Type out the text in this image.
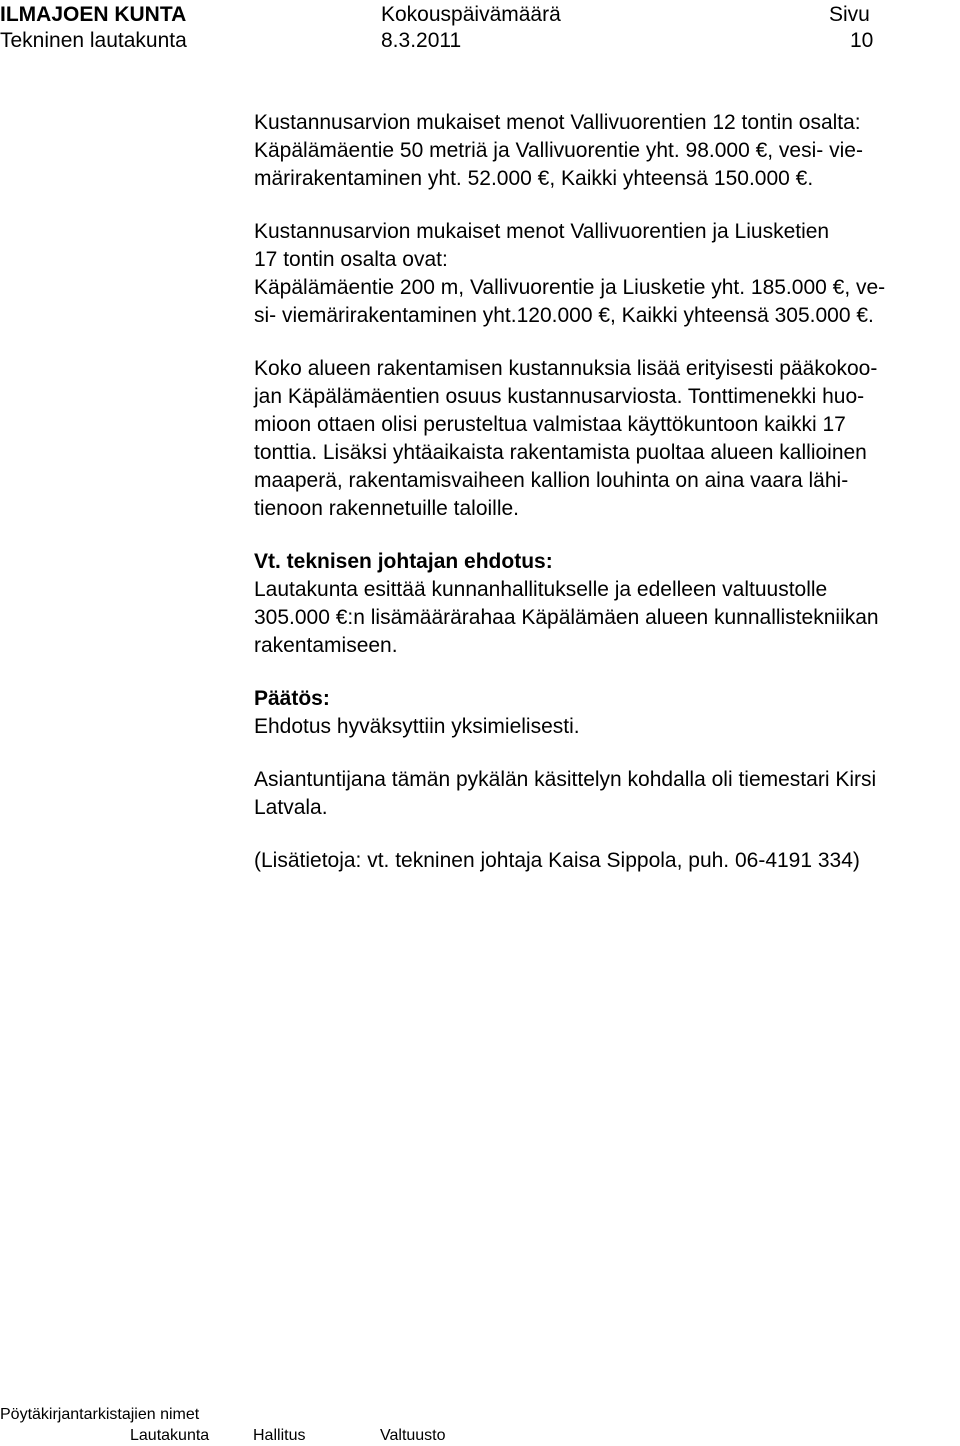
ILMAJOEN KUNTA
Tekninen lautakunta
Kokouspäivämäärä
8.3.2011
Sivu
10
Kustannusarvion mukaiset menot Vallivuorentien 12 tontin osalta:
Käpälämäentie 50 metriä ja Vallivuorentie yht. 98.000 €, vesi- vie-
märirakentaminen yht. 52.000 €, Kaikki yhteensä 150.000 €.
Kustannusarvion mukaiset menot Vallivuorentien ja Liusketien
17 tontin osalta ovat:
Käpälämäentie 200 m, Vallivuorentie ja Liusketie yht. 185.000 €, ve-
si- viemärirakentaminen yht.120.000 €, Kaikki yhteensä 305.000 €.
Koko alueen rakentamisen kustannuksia lisää erityisesti pääkokoo-
jan Käpälämäentien osuus kustannusarviosta. Tonttimenekki huo-
mioon ottaen olisi perusteltua valmistaa käyttökuntoon kaikki 17
tonttia. Lisäksi yhtäaikaista rakentamista puoltaa alueen kallioinen
maaperä, rakentamisvaiheen kallion louhinta on aina vaara lähi-
tienoon rakennetuille taloille.
Vt. teknisen johtajan ehdotus:
Lautakunta esittää kunnanhallitukselle ja edelleen valtuustolle
305.000 €:n lisämäärärahaa Käpälämäen alueen kunnallistekniikan
rakentamiseen.
Päätös:
Ehdotus hyväksyttiin yksimielisesti.
Asiantuntijana tämän pykälän käsittelyn kohdalla oli tiemestari Kirsi
Latvala.
(Lisätietoja: vt. tekninen johtaja Kaisa Sippola, puh. 06-4191 334)
Pöytäkirjantarkistajien nimet
Lautakunta	Hallitus	Valtuusto
